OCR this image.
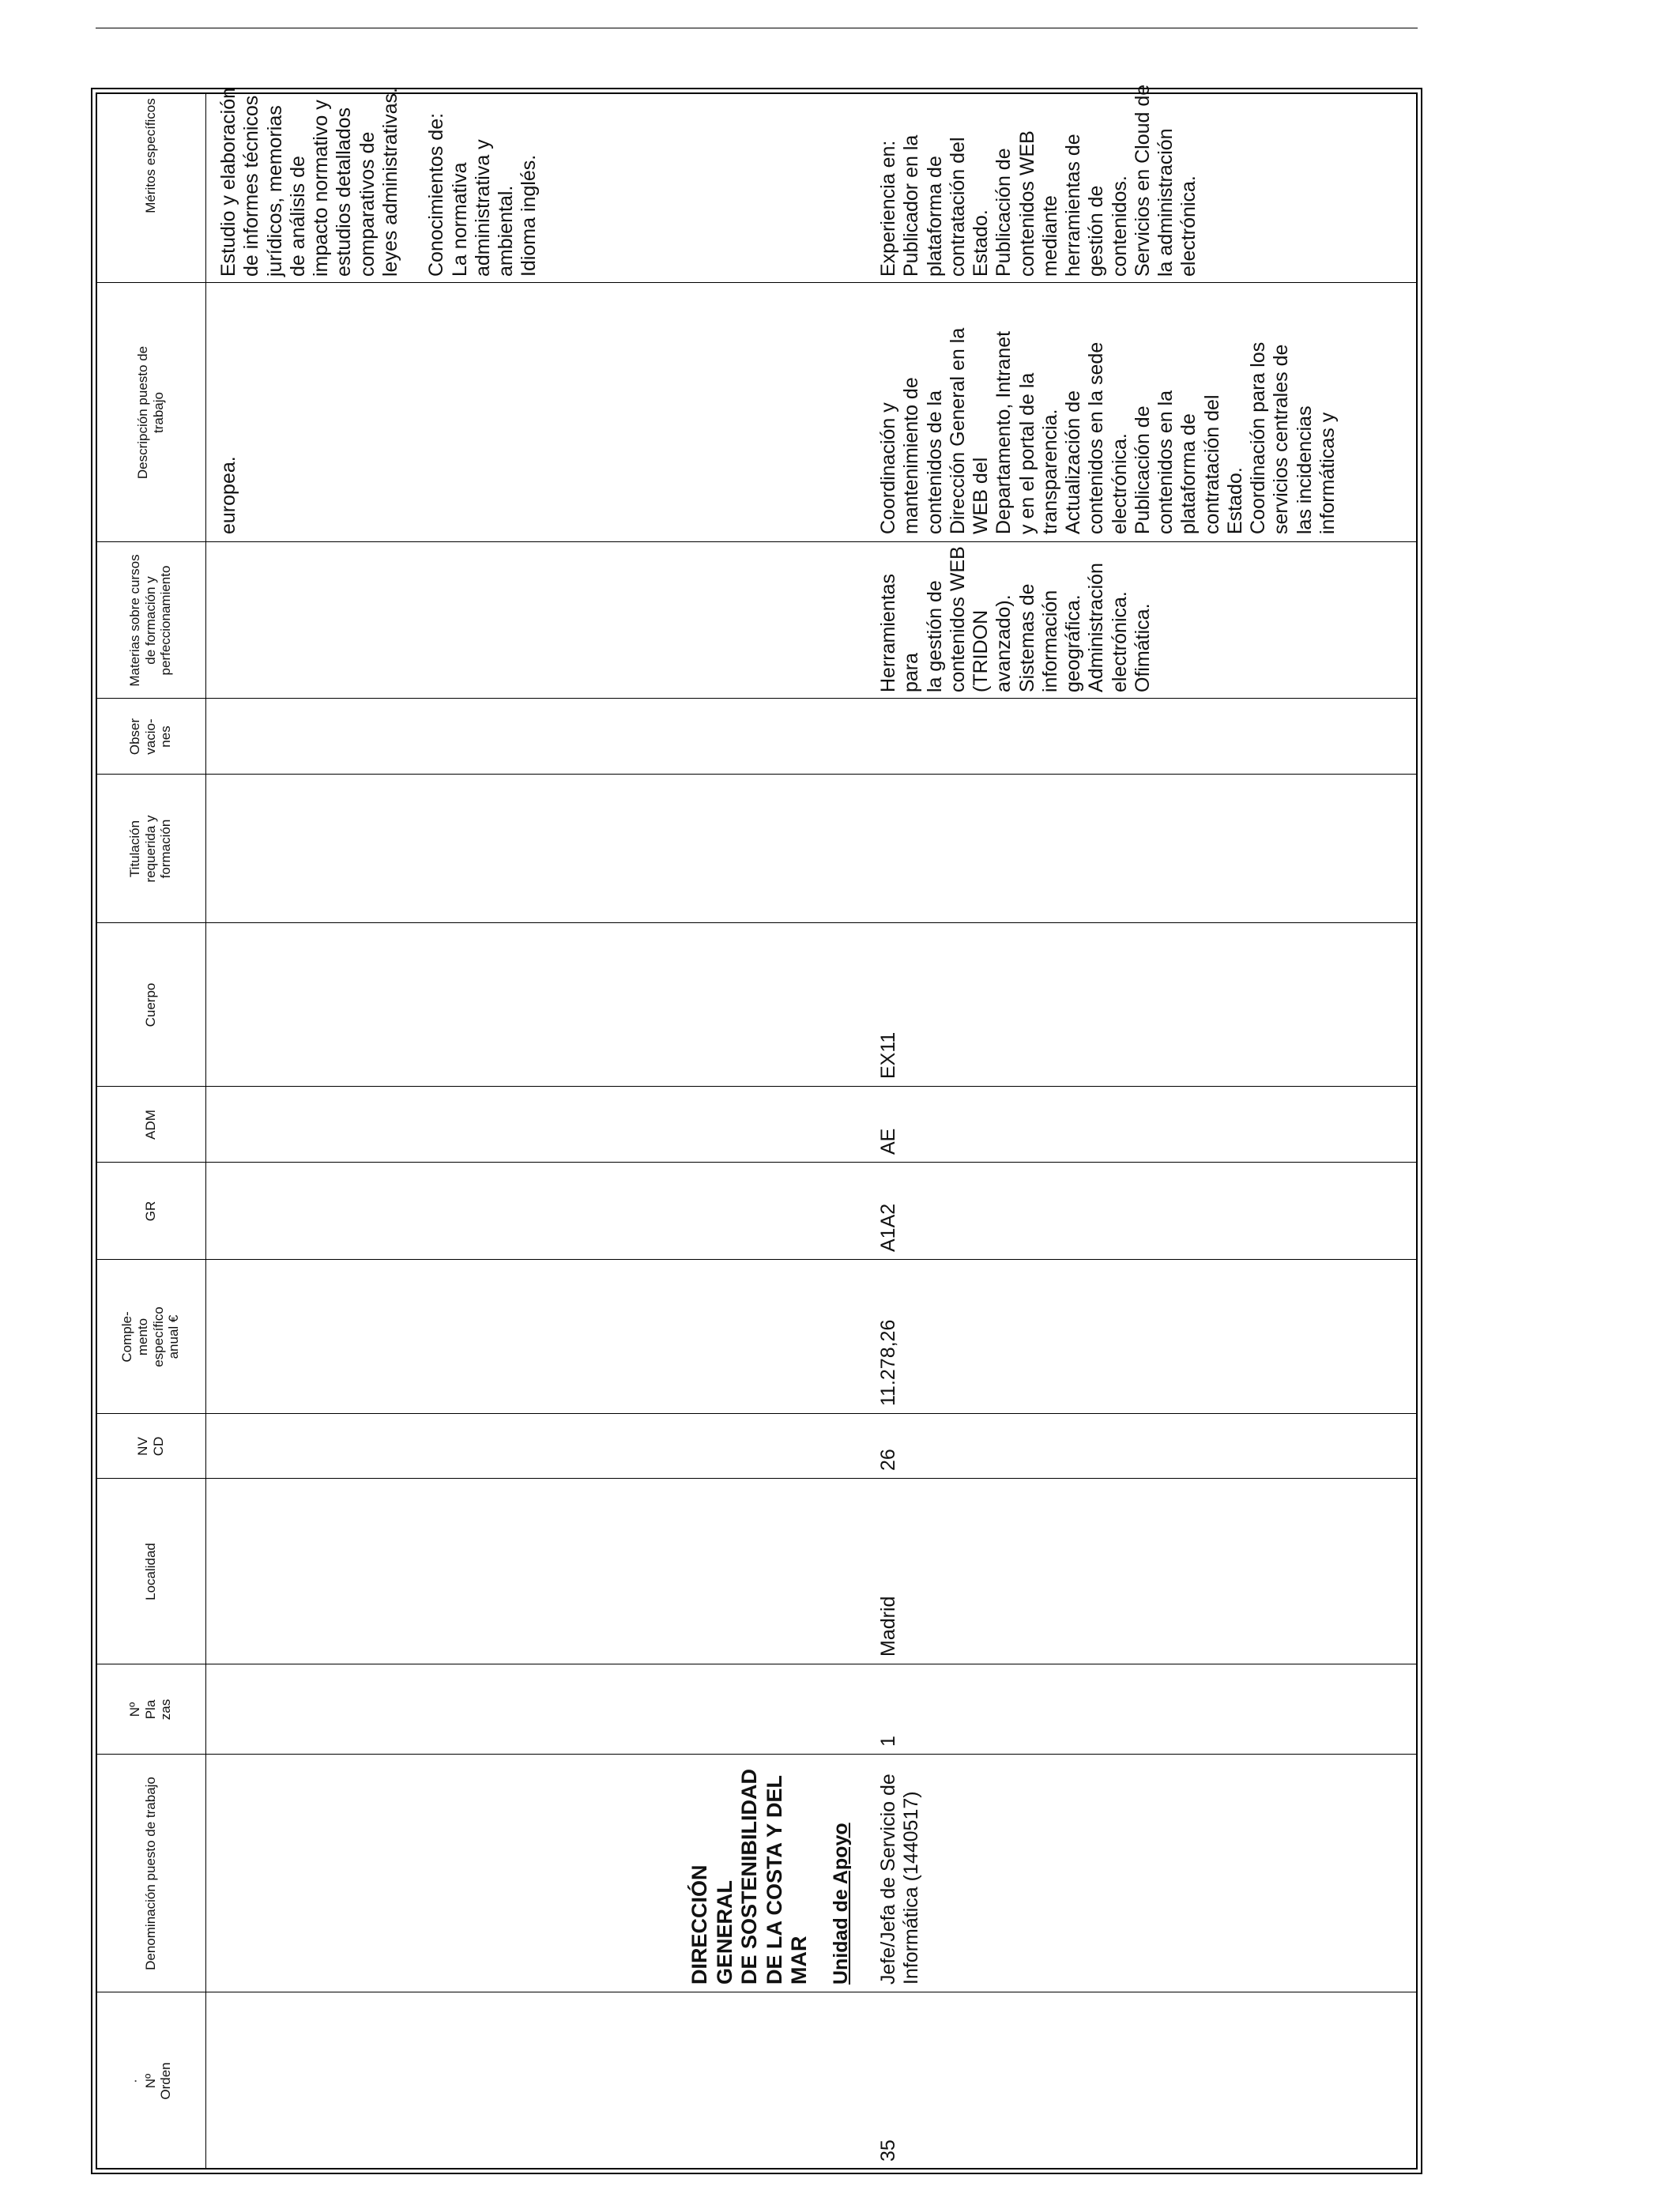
·
Nº
Orden
Denominación puesto de trabajo
Nº
Pla
zas
Localidad
NV
CD
Comple-
mento
específico
anual €
GR
ADM
Cuerpo
Titulación
requerida y
formación
Obser
vacio-
nes
Materias sobre cursos
de formación y
perfeccionamiento
Descripción puesto de
trabajo
Méritos específicos
europea.
Estudio y elaboración
de informes técnicos
jurídicos, memorias
de análisis de
impacto normativo y
estudios detallados
comparativos de
leyes administrativas.

Conocimientos de:
La normativa
administrativa y
ambiental.
Idioma inglés.
DIRECCIÓN GENERAL
DE SOSTENIBILIDAD
DE LA COSTA Y DEL
MAR Unidad de Apoyo
35
Jefe/Jefa de Servicio de
Informática (1440517)
1
Madrid
26
11.278,26
A1A2
AE
EX11
Herramientas para
la gestión de
contenidos WEB
(TRIDON
avanzado).
Sistemas de
información
geográfica.
Administración
electrónica.
Ofimática.
Coordinación y
mantenimiento de
contenidos de la
Dirección General en la
WEB del
Departamento, Intranet
y en el portal de la
transparencia.
Actualización de
contenidos en la sede
electrónica.
Publicación de
contenidos en la
plataforma de
contratación del
Estado.
Coordinación para los
servicios centrales de
las incidencias
informáticas y
Experiencia en:
Publicador en la
plataforma de
contratación del
Estado.
Publicación de
contenidos WEB
mediante
herramientas de
gestión de
contenidos.
Servicios en Cloud de
la administración
electrónica.
